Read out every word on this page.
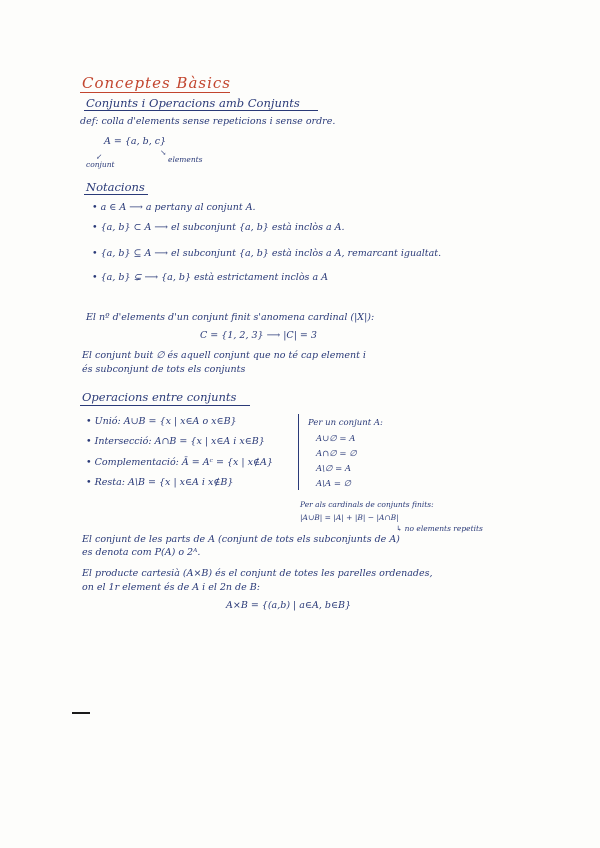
Conceptes Bàsics
Conjunts i Operacions amb Conjunts
def: colla d'elements sense repeticions i sense ordre.
A = {a, b, c}
↙︎
conjunt
↘︎
elements
Notacions
• a ∈ A ⟶ a pertany al conjunt A.
• {a, b} ⊂ A ⟶ el subconjunt {a, b} està inclòs a A.
• {a, b} ⊆ A ⟶ el subconjunt {a, b} està inclòs a A, remarcant igualtat.
• {a, b} ⊊ ⟶ {a, b} està estrictament inclòs a A
El nº d'elements d'un conjunt finit s'anomena cardinal (|X|):
C = {1, 2, 3} ⟶ |C| = 3
El conjunt buit ∅ és aquell conjunt que no té cap element i
és subconjunt de tots els conjunts
Operacions entre conjunts
• Unió: A∪B = {x | x∈A o x∈B}
• Intersecció: A∩B = {x | x∈A i x∈B}
• Complementació: Ā = Aᶜ = {x | x∉A}
• Resta: A\B = {x | x∈A i x∉B}
Per un conjunt A:
A∪∅ = A
A∩∅ = ∅
A\∅ = A
A\A = ∅
Per als cardinals de conjunts finits:
|A∪B| = |A| + |B| − |A∩B|
↳ no elements repetits
El conjunt de les parts de A (conjunt de tots els subconjunts de A)
es denota com P(A) o 2ᴬ.
El producte cartesià (A×B) és el conjunt de totes les parelles ordenades,
on el 1r element és de A i el 2n de B:
A×B = {(a,b) | a∈A, b∈B}
